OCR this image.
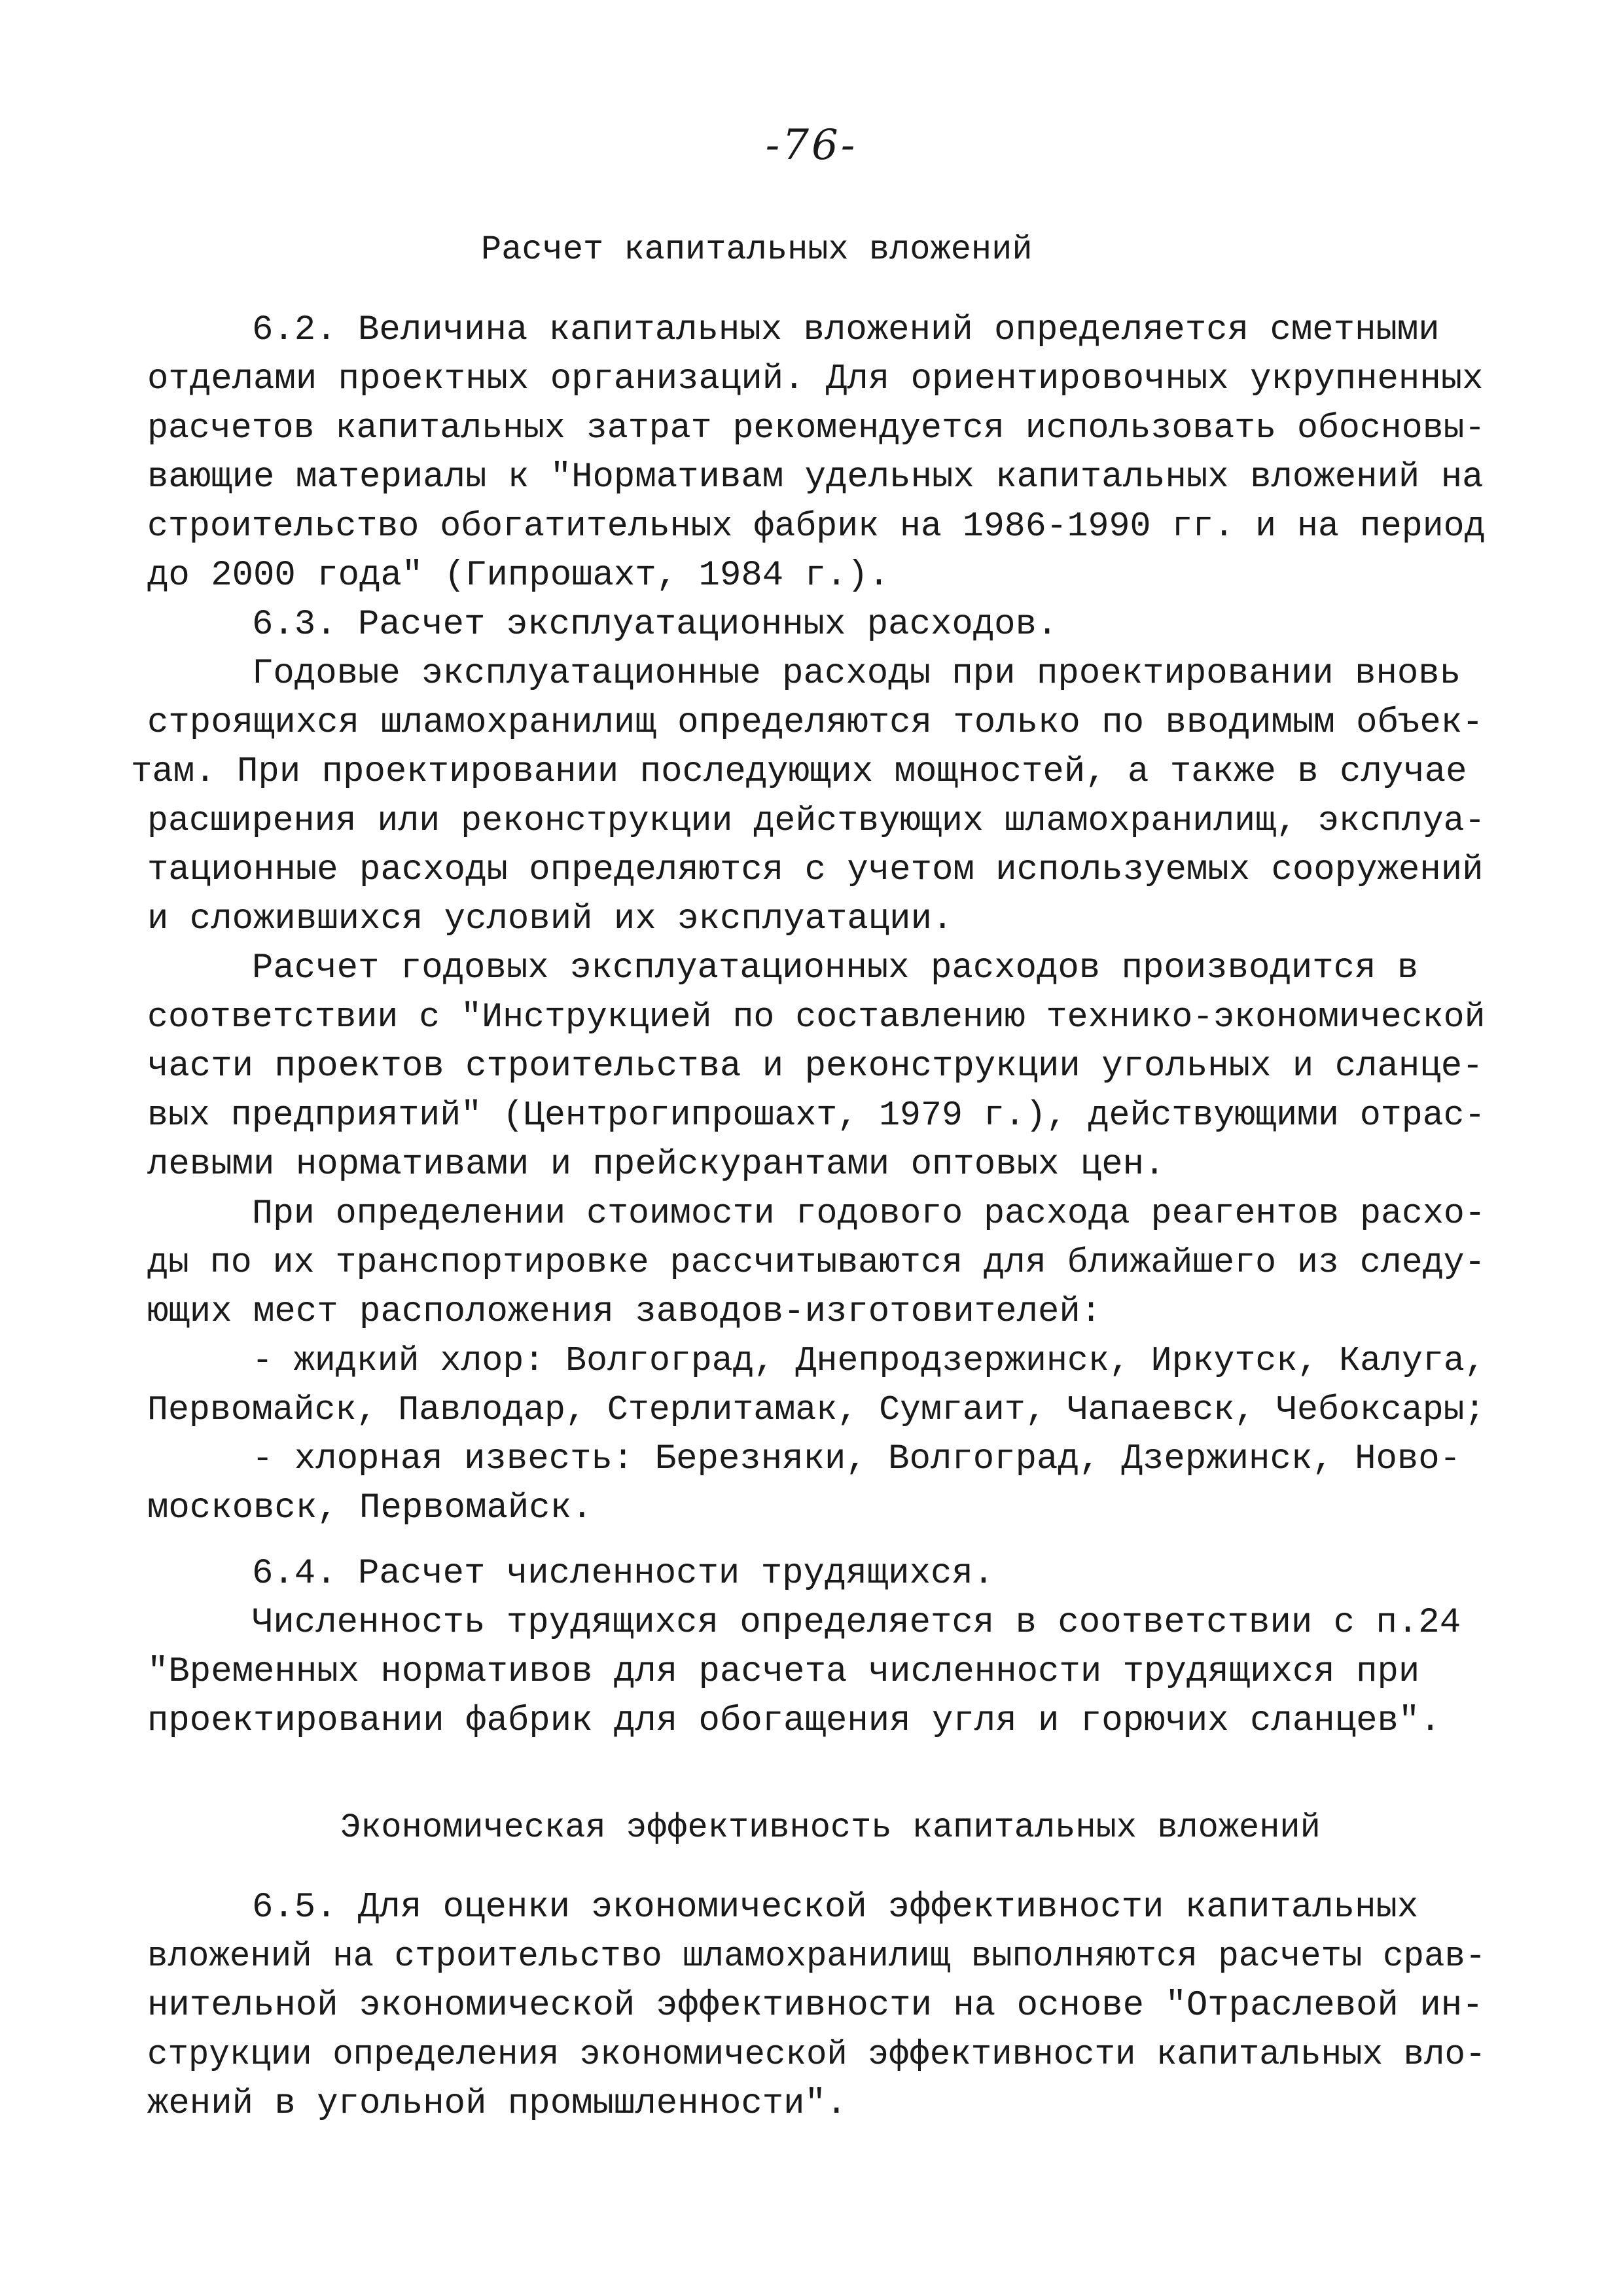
-76-
Расчет капитальных вложений
6.2. Величина капитальных вложений определяется сметными
отделами проектных организаций. Для ориентировочных укрупненных
расчетов капитальных затрат рекомендуется использовать обосновы-
вающие материалы к "Нормативам удельных капитальных вложений на
строительство обогатительных фабрик на 1986-1990 гг. и на период
до 2000 года" (Гипрошахт, 1984 г.).
6.3. Расчет эксплуатационных расходов.
Годовые эксплуатационные расходы при проектировании вновь
строящихся шламохранилищ определяются только по вводимым объек-
там. При проектировании последующих мощностей, а также в случае
расширения или реконструкции действующих шламохранилищ, эксплуа-
тационные расходы определяются с учетом используемых сооружений
и сложившихся условий их эксплуатации.
Расчет годовых эксплуатационных расходов производится в
соответствии с "Инструкцией по составлению технико-экономической
части проектов строительства и реконструкции угольных и сланце-
вых предприятий" (Центрогипрошахт, 1979 г.), действующими отрас-
левыми нормативами и прейскурантами оптовых цен.
При определении стоимости годового расхода реагентов расхо-
ды по их транспортировке рассчитываются для ближайшего из следу-
ющих мест расположения заводов-изготовителей:
- жидкий хлор: Волгоград, Днепродзержинск, Иркутск, Калуга,
Первомайск, Павлодар, Стерлитамак, Сумгаит, Чапаевск, Чебоксары;
- хлорная известь: Березняки, Волгоград, Дзержинск, Ново-
московск, Первомайск.
6.4. Расчет численности трудящихся.
Численность трудящихся определяется в соответствии с п.24
"Временных нормативов для расчета численности трудящихся при
проектировании фабрик для обогащения угля и горючих сланцев".
Экономическая эффективность капитальных вложений
6.5. Для оценки экономической эффективности капитальных
вложений на строительство шламохранилищ выполняются расчеты срав-
нительной экономической эффективности на основе "Отраслевой ин-
струкции определения экономической эффективности капитальных вло-
жений в угольной промышленности".
